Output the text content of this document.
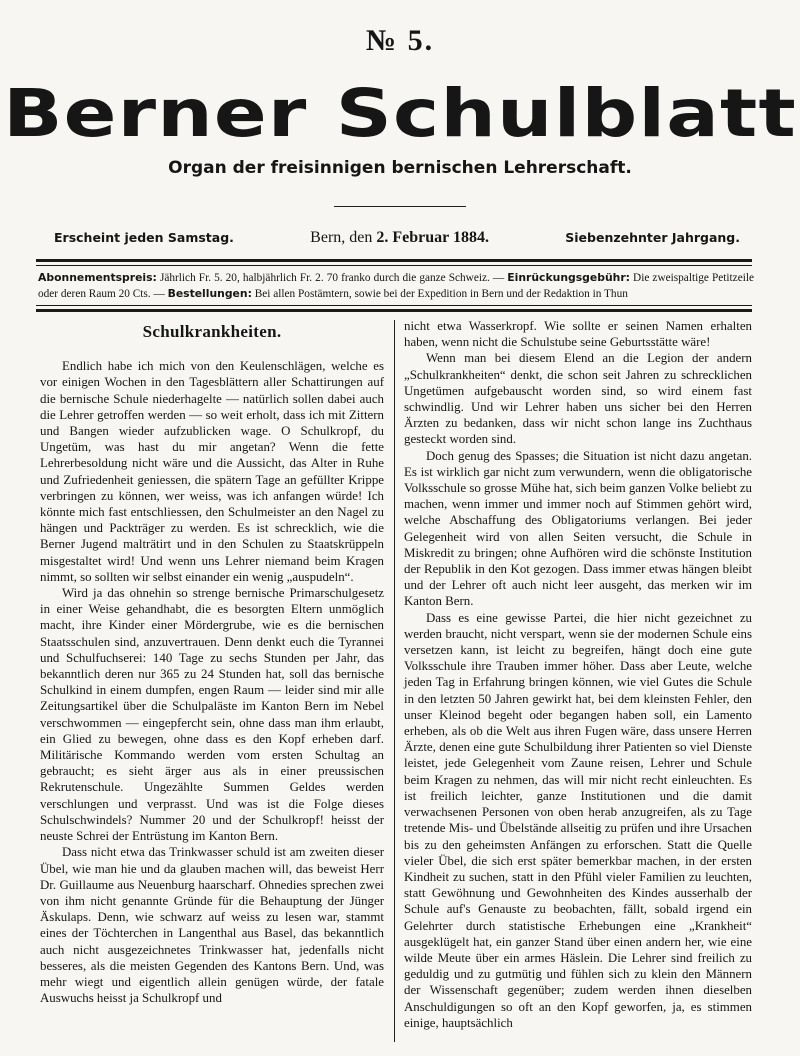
№ 5.
Berner Schulblatt
Organ der freisinnigen bernischen Lehrerschaft.
Erscheint jeden Samstag.	Bern, den 2. Februar 1884.	Siebenzehnter Jahrgang.
Abonnementspreis: Jährlich Fr. 5. 20, halbjährlich Fr. 2. 70 franko durch die ganze Schweiz. — Einrückungsgebühr: Die zweispaltige Petitzeile oder deren Raum 20 Cts. — Bestellungen: Bei allen Postämtern, sowie bei der Expedition in Bern und der Redaktion in Thun
Schulkrankheiten.

Endlich habe ich mich von den Keulenschlägen, welche es vor einigen Wochen in den Tagesblättern aller Schattirungen auf die bernische Schule niederhagelte — natürlich sollen dabei auch die Lehrer getroffen werden — so weit erholt, dass ich mit Zittern und Bangen wieder aufzublicken wage. O Schulkropf, du Ungetüm, was hast du mir angetan? Wenn die fette Lehrerbesoldung nicht wäre und die Aussicht, das Alter in Ruhe und Zufriedenheit geniessen, die spätern Tage an gefüllter Krippe verbringen zu können, wer weiss, was ich anfangen würde! Ich könnte mich fast entschliessen, den Schulmeister an den Nagel zu hängen und Packträger zu werden. Es ist schrecklich, wie die Berner Jugend malträtirt und in den Schulen zu Staatskrüppeln misgestaltet wird! Und wenn uns Lehrer niemand beim Kragen nimmt, so sollten wir selbst einander ein wenig „auspudeln“.

Wird ja das ohnehin so strenge bernische Primarschulgesetz in einer Weise gehandhabt, die es besorgten Eltern unmöglich macht, ihre Kinder einer Mördergrube, wie es die bernischen Staatsschulen sind, anzuvertrauen. Denn denkt euch die Tyrannei und Schulfuchserei: 140 Tage zu sechs Stunden per Jahr, das bekanntlich deren nur 365 zu 24 Stunden hat, soll das bernische Schulkind in einem dumpfen, engen Raum — leider sind mir alle Zeitungsartikel über die Schulpaläste im Kanton Bern im Nebel verschwommen — eingepfercht sein, ohne dass man ihm erlaubt, ein Glied zu bewegen, ohne dass es den Kopf erheben darf. Militärische Kommando werden vom ersten Schultag an gebraucht; es sieht ärger aus als in einer preussischen Rekrutenschule. Ungezählte Summen Geldes werden verschlungen und verprasst. Und was ist die Folge dieses Schulschwindels? Nummer 20 und der Schulkropf! heisst der neuste Schrei der Entrüstung im Kanton Bern.

Dass nicht etwa das Trinkwasser schuld ist am zweiten dieser Übel, wie man hie und da glauben machen will, das beweist Herr Dr. Guillaume aus Neuenburg haarscharf. Ohnedies sprechen zwei von ihm nicht genannte Gründe für die Behauptung der Jünger Äskulaps. Denn, wie schwarz auf weiss zu lesen war, stammt eines der Töchterchen in Langenthal aus Basel, das bekanntlich auch nicht ausgezeichnetes Trinkwasser hat, jedenfalls nicht besseres, als die meisten Gegenden des Kantons Bern. Und, was mehr wiegt und eigentlich allein genügen würde, der fatale Auswuchs heisst ja Schulkropf und

nicht etwa Wasserkropf. Wie sollte er seinen Namen erhalten haben, wenn nicht die Schulstube seine Geburtsstätte wäre!

Wenn man bei diesem Elend an die Legion der andern „Schulkrankheiten“ denkt, die schon seit Jahren zu schrecklichen Ungetümen aufgebauscht worden sind, so wird einem fast schwindlig. Und wir Lehrer haben uns sicher bei den Herren Ärzten zu bedanken, dass wir nicht schon lange ins Zuchthaus gesteckt worden sind.

Doch genug des Spasses; die Situation ist nicht dazu angetan. Es ist wirklich gar nicht zum verwundern, wenn die obligatorische Volksschule so grosse Mühe hat, sich beim ganzen Volke beliebt zu machen, wenn immer und immer noch auf Stimmen gehört wird, welche Abschaffung des Obligatoriums verlangen. Bei jeder Gelegenheit wird von allen Seiten versucht, die Schule in Miskredit zu bringen; ohne Aufhören wird die schönste Institution der Republik in den Kot gezogen. Dass immer etwas hängen bleibt und der Lehrer oft auch nicht leer ausgeht, das merken wir im Kanton Bern.

Dass es eine gewisse Partei, die hier nicht gezeichnet zu werden braucht, nicht verspart, wenn sie der modernen Schule eins versetzen kann, ist leicht zu begreifen, hängt doch eine gute Volksschule ihre Trauben immer höher. Dass aber Leute, welche jeden Tag in Erfahrung bringen können, wie viel Gutes die Schule in den letzten 50 Jahren gewirkt hat, bei dem kleinsten Fehler, den unser Kleinod begeht oder begangen haben soll, ein Lamento erheben, als ob die Welt aus ihren Fugen wäre, dass unsere Herren Ärzte, denen eine gute Schulbildung ihrer Patienten so viel Dienste leistet, jede Gelegenheit vom Zaune reisen, Lehrer und Schule beim Kragen zu nehmen, das will mir nicht recht einleuchten. Es ist freilich leichter, ganze Institutionen und die damit verwachsenen Personen von oben herab anzugreifen, als zu Tage tretende Mis- und Übelstände allseitig zu prüfen und ihre Ursachen bis zu den geheimsten Anfängen zu erforschen. Statt die Quelle vieler Übel, die sich erst später bemerkbar machen, in der ersten Kindheit zu suchen, statt in den Pfühl vieler Familien zu leuchten, statt Gewöhnung und Gewohnheiten des Kindes ausserhalb der Schule auf's Genauste zu beobachten, fällt, sobald irgend ein Gelehrter durch statistische Erhebungen eine „Krankheit“ ausgeklügelt hat, ein ganzer Stand über einen andern her, wie eine wilde Meute über ein armes Häslein. Die Lehrer sind freilich zu geduldig und zu gutmütig und fühlen sich zu klein den Männern der Wissenschaft gegenüber; zudem werden ihnen dieselben Anschuldigungen so oft an den Kopf geworfen, ja, es stimmen einige, hauptsächlich
